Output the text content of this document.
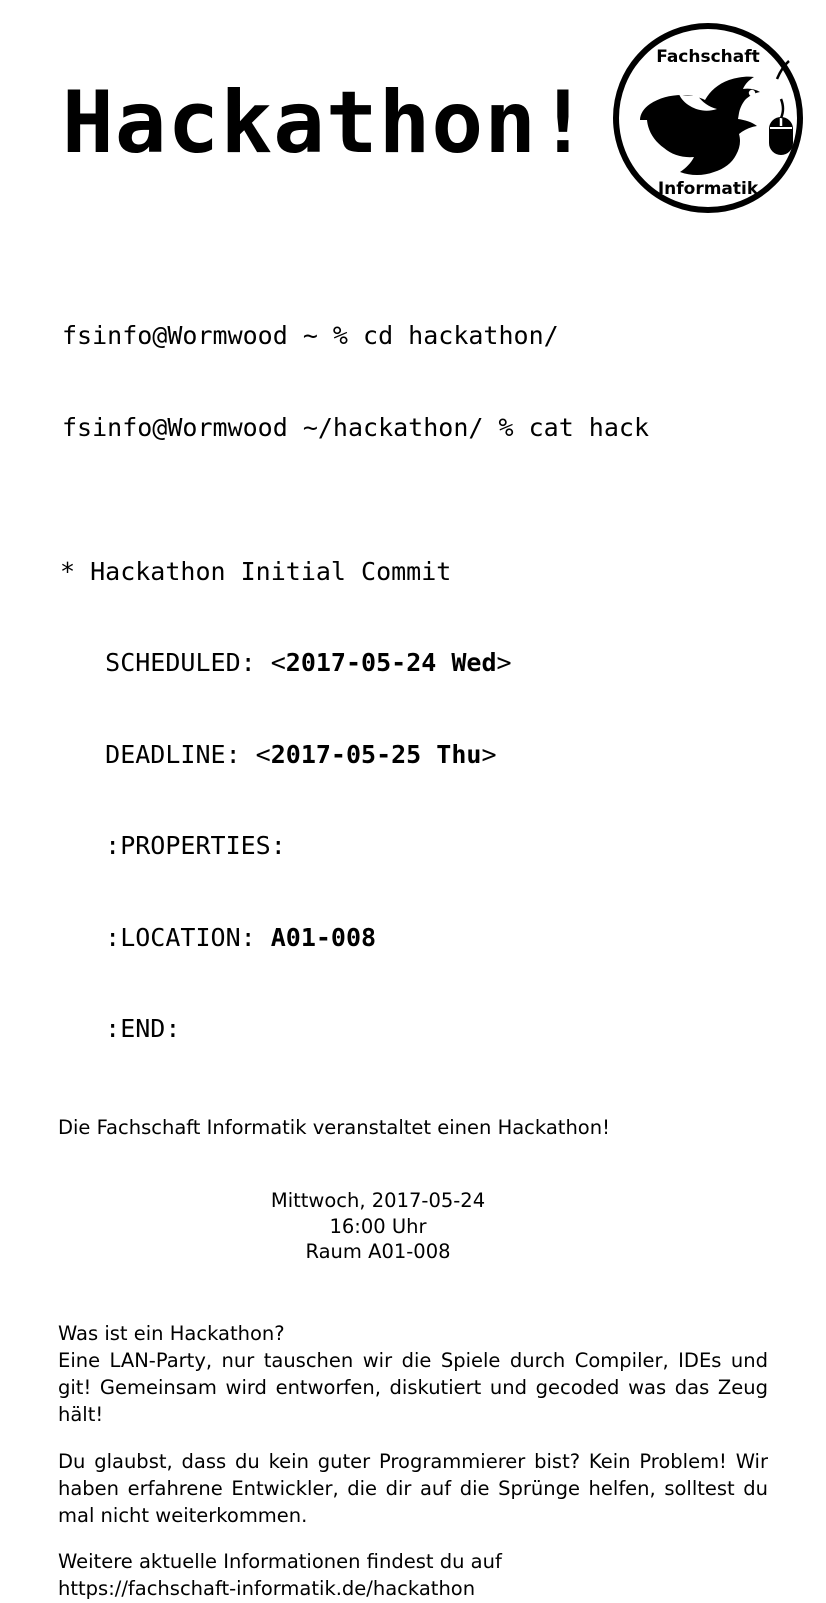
Hackathon!
Fachschaft
Informatik

fsinfo@Wormwood ~ % cd hackathon/

fsinfo@Wormwood ~/hackathon/ % cat hack

* Hackathon Initial Commit

SCHEDULED: <2017-05-24 Wed>

DEADLINE: <2017-05-25 Thu>

:PROPERTIES:

:LOCATION: A01-008

:END:

Die Fachschaft Informatik veranstaltet einen Hackathon!
Mittwoch, 2017-05-24
16:00 Uhr
Raum A01-008

Was ist ein Hackathon?

Eine LAN-Party, nur tauschen wir die Spiele durch Compiler, IDEs und git! Gemeinsam wird entworfen, diskutiert und gecoded was das Zeug hält!

Du glaubst, dass du kein guter Programmierer bist? Kein Problem! Wir haben erfahrene Entwickler, die dir auf die Sprünge helfen, solltest du mal nicht weiterkommen.

Weitere aktuelle Informationen findest du auf

https://fachschaft-informatik.de/hackathon
